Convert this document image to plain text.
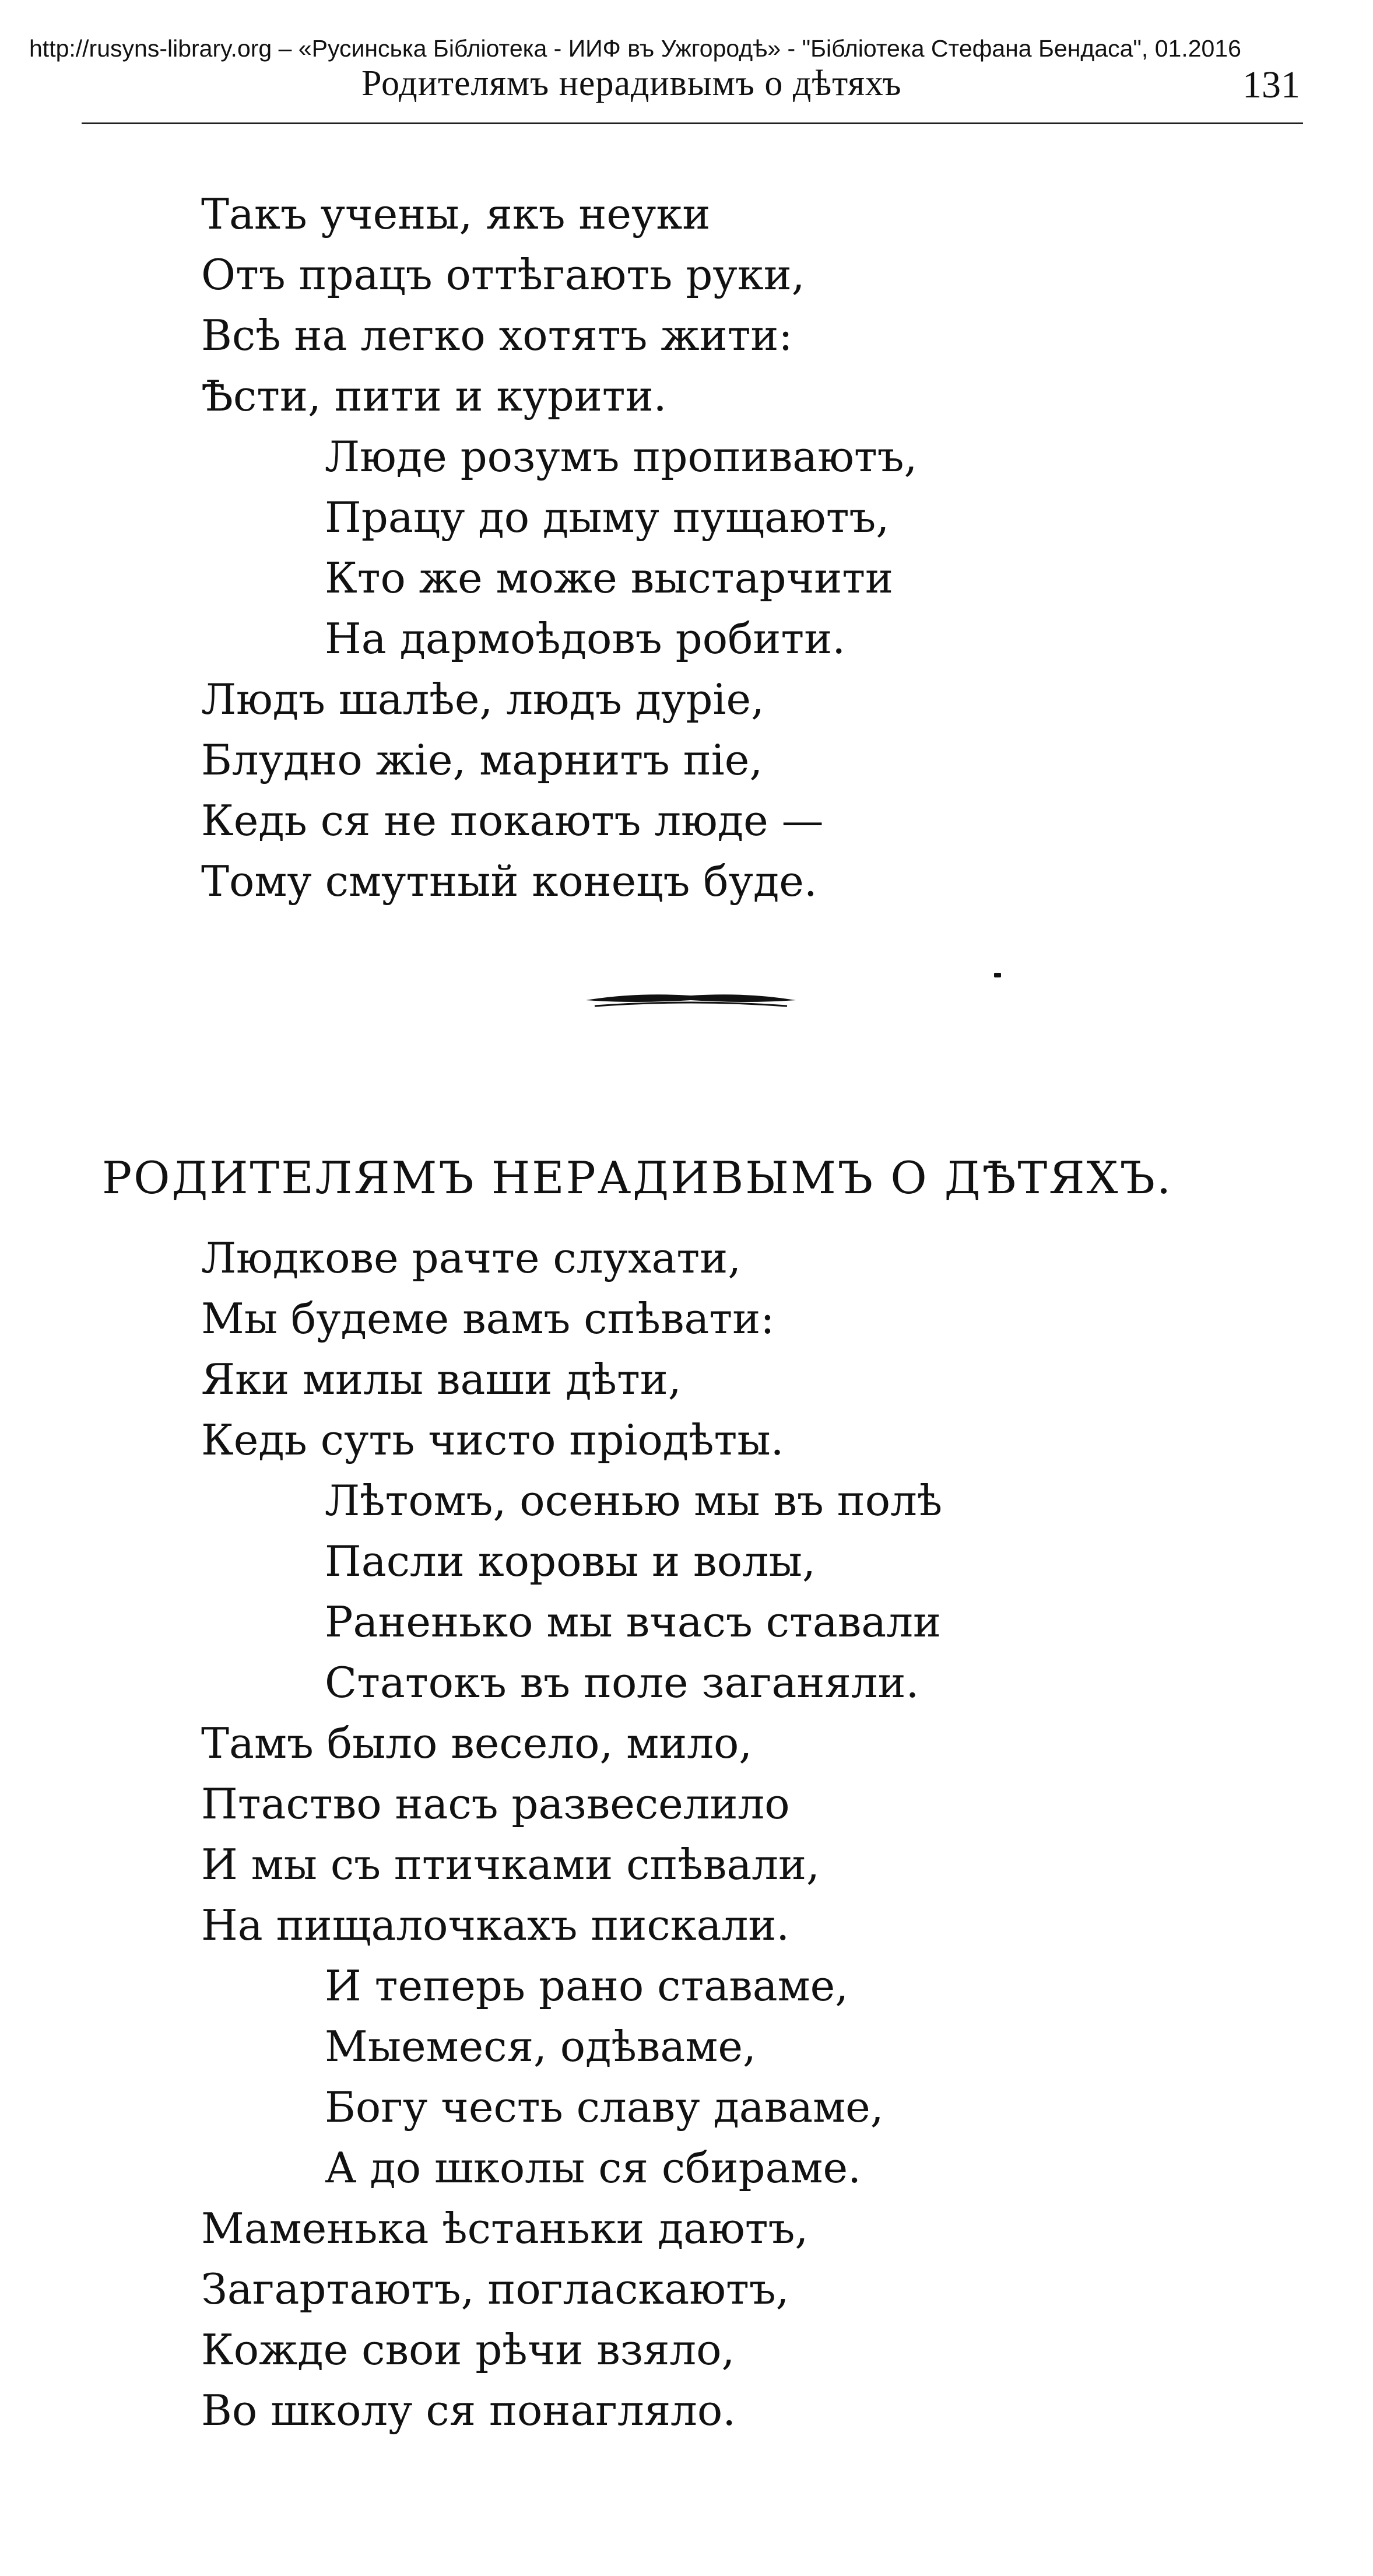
http://rusyns-library.org – «Русинська Бібліотека - ИИФ въ Ужгородѣ» - "Бібліотека Стефана Бендаса", 01.2016
Родителямъ нерадивымъ о дѣтяхъ	131
Такъ учены, якъ неуки
Отъ працъ оттѣгають руки,
Всѣ на легко хотятъ жити:
Ѣсти, пити и курити.
Люде розумъ пропиваютъ,
Працу до дыму пущаютъ,
Кто же може выстарчити
На дармоѣдовъ робити.
Людъ шалѣе, людъ дуріе,
Блудно жіе, марнитъ піе,
Кедь ся не покаютъ люде —
Тому смутный конецъ буде.
РОДИТЕЛЯМЪ НЕРАДИВЫМЪ О ДѢТЯХЪ.
Людкове рачте слухати,
Мы будеме вамъ спѣвати:
Яки милы ваши дѣти,
Кедь суть чисто пріодѣты.
Лѣтомъ, осенью мы въ полѣ
Пасли коровы и волы,
Раненько мы вчасъ ставали
Статокъ въ поле заганяли.
Тамъ было весело, мило,
Птаство насъ развеселило
И мы съ птичками спѣвали,
На пищалочкахъ пискали.
И теперь рано ставаме,
Мыемеся, одѣваме,
Богу честь славу даваме,
А до школы ся сбираме.
Маменька ѣстаньки даютъ,
Загартаютъ, погласкаютъ,
Кожде свои рѣчи взяло,
Во школу ся понагляло.
